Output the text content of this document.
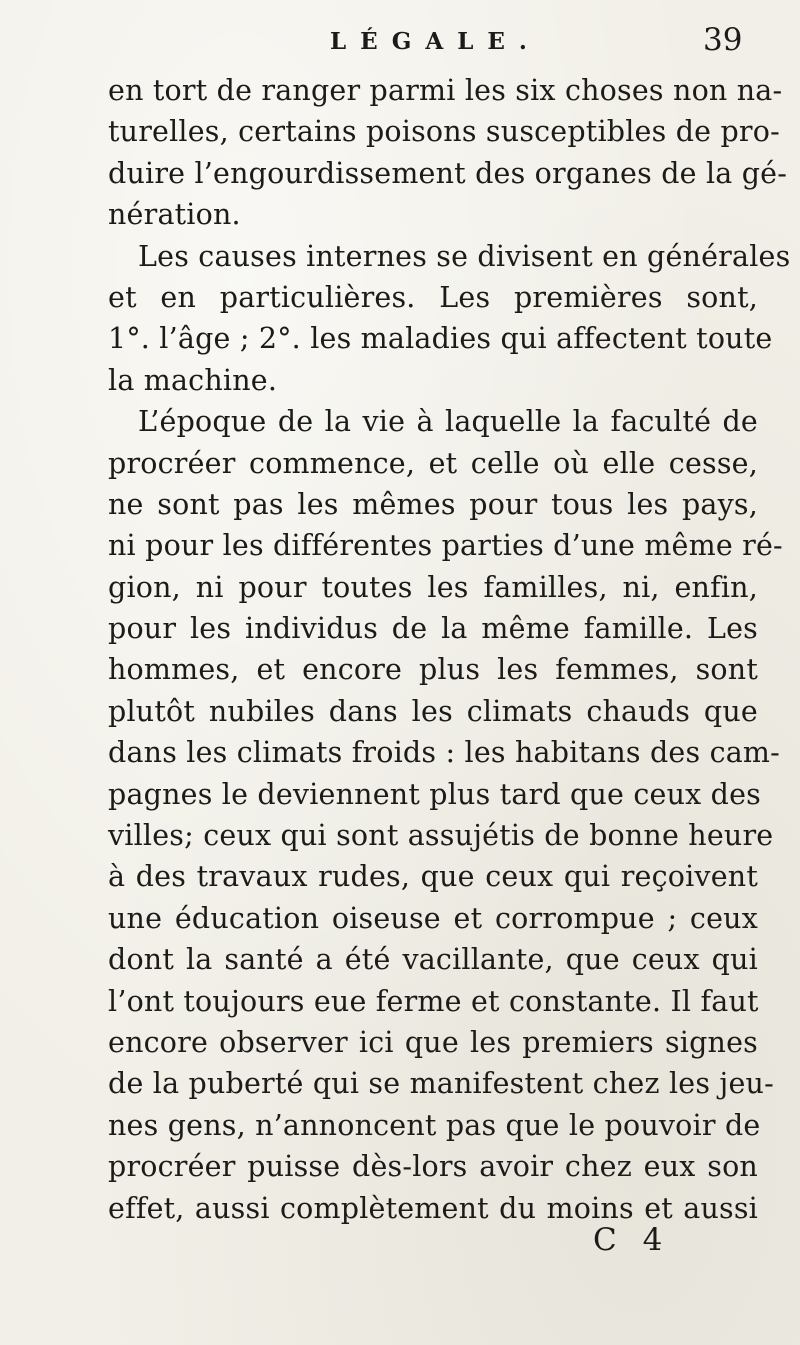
LÉGALE.	39
en tort de ranger parmi les six choses non na-
turelles, certains poisons susceptibles de pro-
duire l’engourdissement des organes de la gé-
nération.
Les causes internes se divisent en générales
et en particulières. Les premières sont,
1°. l’âge ; 2°. les maladies qui affectent toute
la machine.
L’époque de la vie à laquelle la faculté de
procréer commence, et celle où elle cesse,
ne sont pas les mêmes pour tous les pays,
ni pour les différentes parties d’une même ré-
gion, ni pour toutes les familles, ni, enfin,
pour les individus de la même famille. Les
hommes, et encore plus les femmes, sont
plutôt nubiles dans les climats chauds que
dans les climats froids : les habitans des cam-
pagnes le deviennent plus tard que ceux des
villes; ceux qui sont assujétis de bonne heure
à des travaux rudes, que ceux qui reçoivent
une éducation oiseuse et corrompue ; ceux
dont la santé a été vacillante, que ceux qui
l’ont toujours eue ferme et constante. Il faut
encore observer ici que les premiers signes
de la puberté qui se manifestent chez les jeu-
nes gens, n’annoncent pas que le pouvoir de
procréer puisse dès-lors avoir chez eux son
effet, aussi complètement du moins et aussi
C 4
